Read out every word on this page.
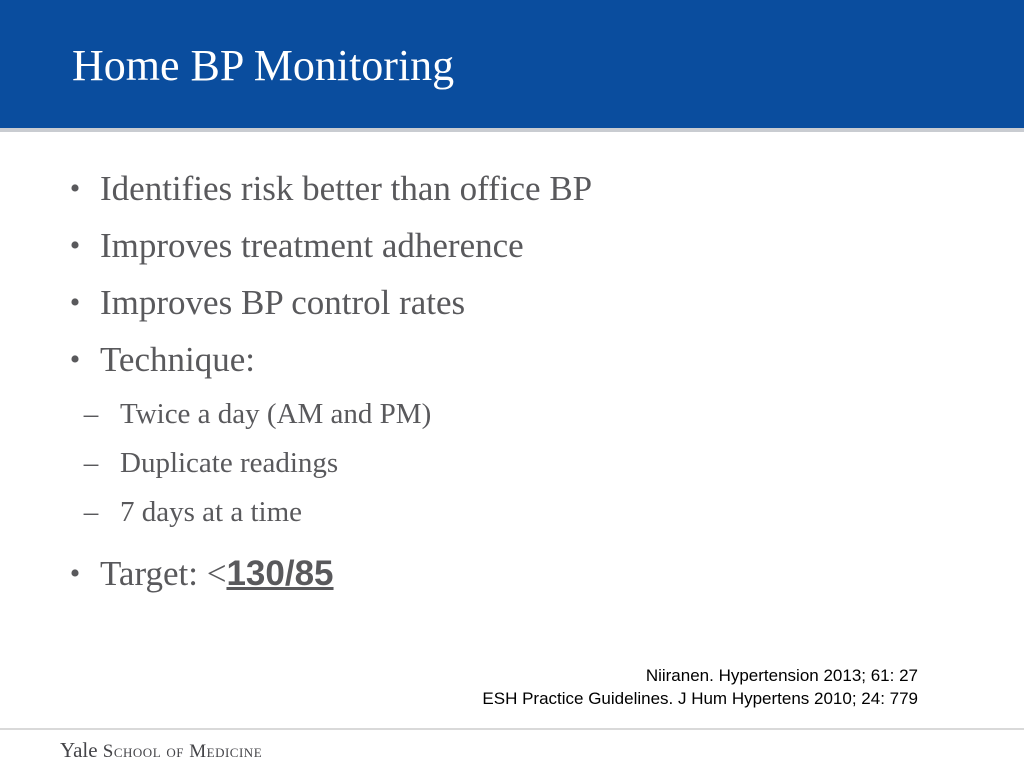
Home BP Monitoring
• Identifies risk better than office BP
• Improves treatment adherence
• Improves BP control rates
• Technique:
– Twice a day (AM and PM)
– Duplicate readings
– 7 days at a time
• Target: <130/85
Niiranen. Hypertension 2013; 61: 27
ESH Practice Guidelines. J Hum Hypertens 2010; 24: 779
Yale School of Medicine
